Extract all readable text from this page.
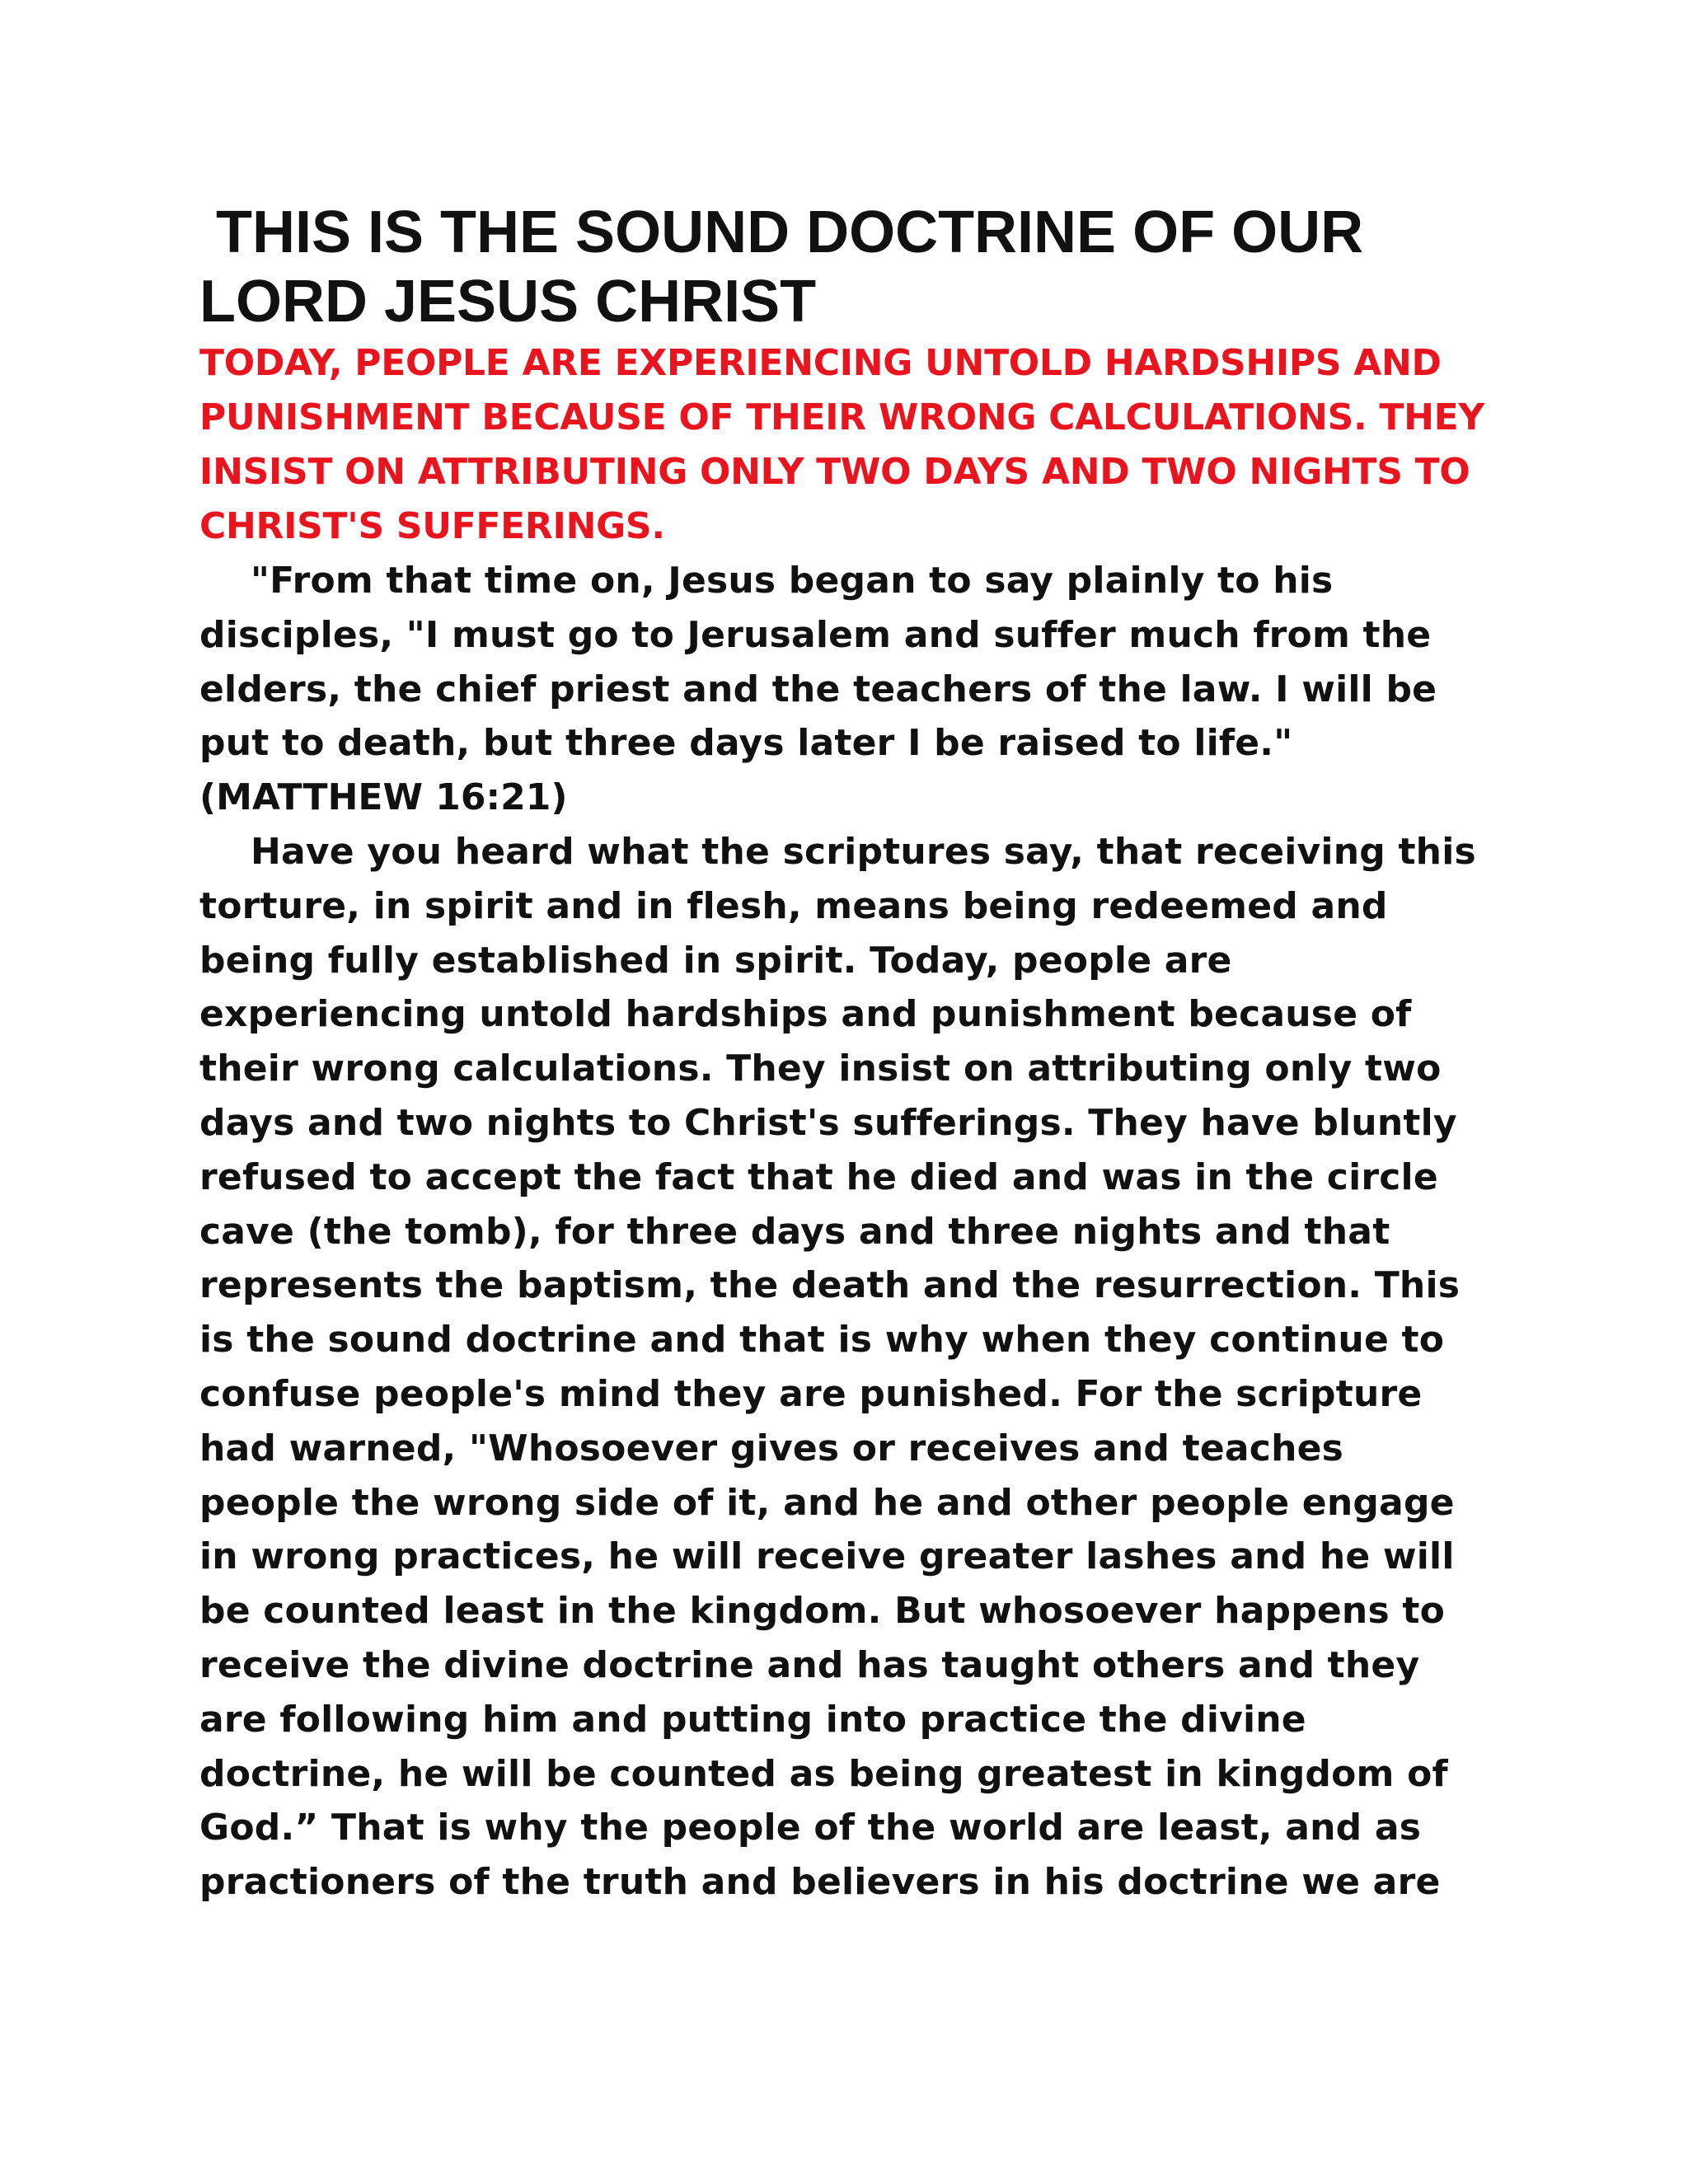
THIS IS THE SOUND DOCTRINE OF OUR LORD JESUS CHRIST

TODAY, PEOPLE ARE EXPERIENCING UNTOLD HARDSHIPS AND PUNISHMENT BECAUSE OF THEIR WRONG CALCULATIONS. THEY INSIST ON ATTRIBUTING ONLY TWO DAYS AND TWO NIGHTS TO CHRIST'S SUFFERINGS.

"From that time on, Jesus began to say plainly to his disciples, "I must go to Jerusalem and suffer much from the elders, the chief priest and the teachers of the law. I will be put to death, but three days later I be raised to life."

(MATTHEW 16:21)

Have you heard what the scriptures say, that receiving this torture, in spirit and in flesh, means being redeemed and being fully established in spirit. Today, people are experiencing untold hardships and punishment because of their wrong calculations. They insist on attributing only two days and two nights to Christ's sufferings. They have bluntly refused to accept the fact that he died and was in the circle cave (the tomb), for three days and three nights and that represents the baptism, the death and the resurrection. This is the sound doctrine and that is why when they continue to confuse people's mind they are punished. For the scripture had warned, "Whosoever gives or receives and teaches people the wrong side of it, and he and other people engage in wrong practices, he will receive greater lashes and he will be counted least in the kingdom. But whosoever happens to receive the divine doctrine and has taught others and they are following him and putting into practice the divine doctrine, he will be counted as being greatest in kingdom of God.” That is why the people of the world are least, and as practioners of the truth and believers in his doctrine we are
